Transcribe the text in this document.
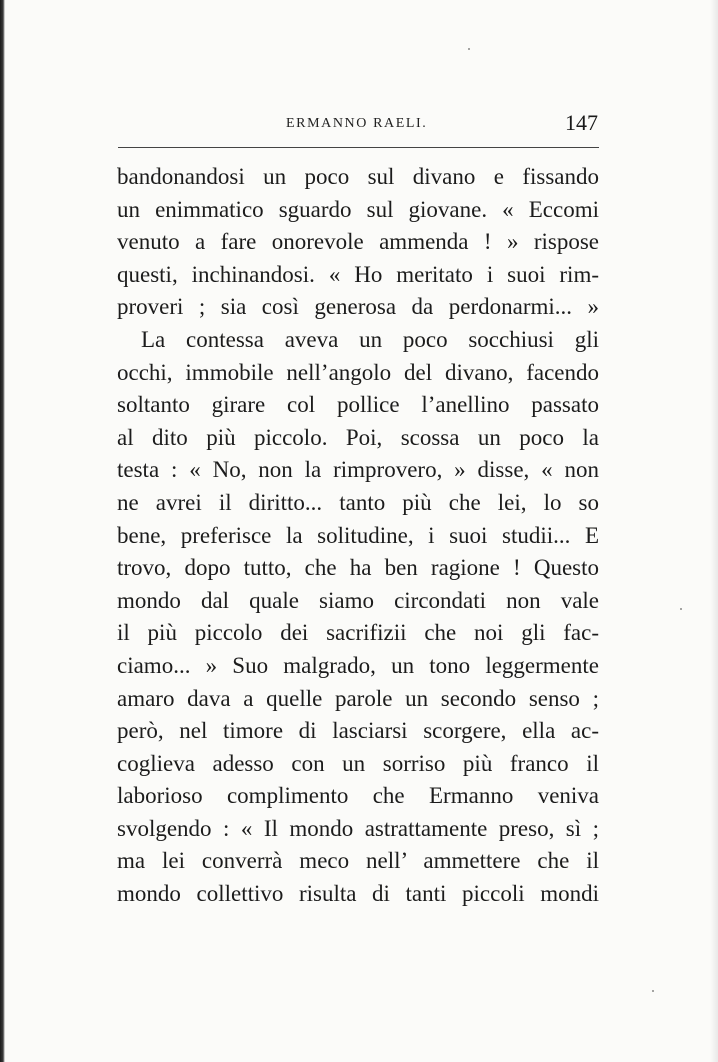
ERMANNO RAELI.	147
bandonandosi un poco sul divano e fissando
un enimmatico sguardo sul giovane. « Eccomi
venuto a fare onorevole ammenda ! » rispose
questi, inchinandosi. « Ho meritato i suoi rim-
proveri ; sia così generosa da perdonarmi... »
La contessa aveva un poco socchiusi gli
occhi, immobile nell’angolo del divano, facendo
soltanto girare col pollice l’anellino passato
al dito più piccolo. Poi, scossa un poco la
testa : « No, non la rimprovero, » disse, « non
ne avrei il diritto... tanto più che lei, lo so
bene, preferisce la solitudine, i suoi studii... E
trovo, dopo tutto, che ha ben ragione ! Questo
mondo dal quale siamo circondati non vale
il più piccolo dei sacrifizii che noi gli fac-
ciamo... » Suo malgrado, un tono leggermente
amaro dava a quelle parole un secondo senso ;
però, nel timore di lasciarsi scorgere, ella ac-
coglieva adesso con un sorriso più franco il
laborioso complimento che Ermanno veniva
svolgendo : « Il mondo astrattamente preso, sì ;
ma lei converrà meco nell’ ammettere che il
mondo collettivo risulta di tanti piccoli mondi
